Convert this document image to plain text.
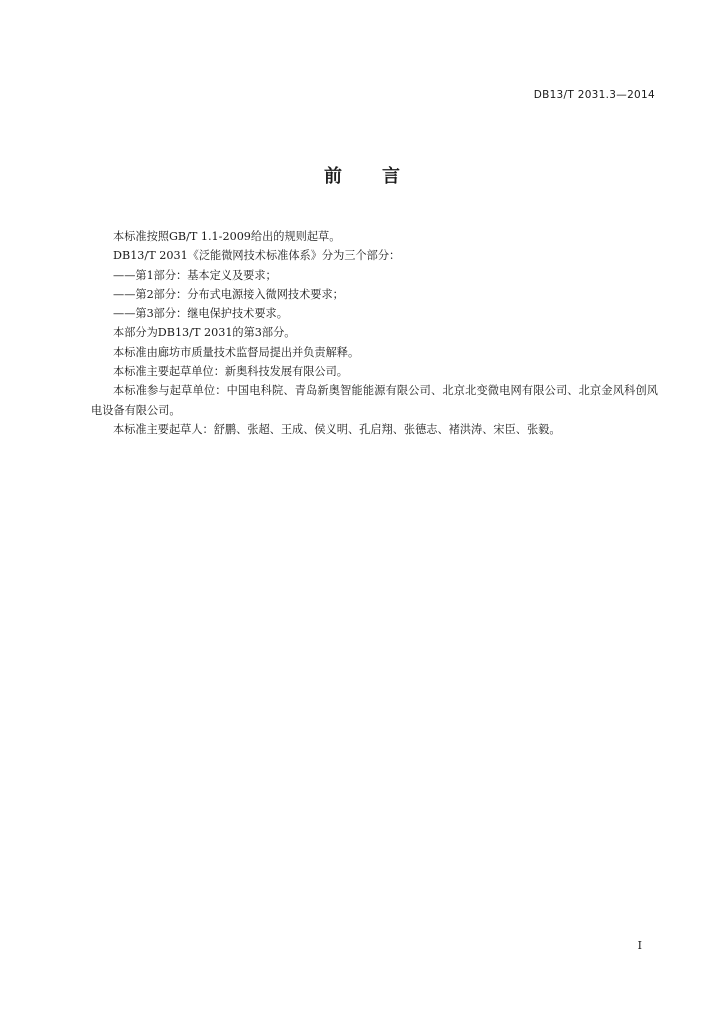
DB13/T 2031.3—2014
前 言

本标准按照GB/T 1.1-2009给出的规则起草。

DB13/T 2031《泛能微网技术标准体系》分为三个部分：

——第1部分：基本定义及要求；

——第2部分：分布式电源接入微网技术要求；

——第3部分：继电保护技术要求。

本部分为DB13/T 2031的第3部分。

本标准由廊坊市质量技术监督局提出并负责解释。

本标准主要起草单位：新奥科技发展有限公司。

本标准参与起草单位：中国电科院、青岛新奥智能能源有限公司、北京北变微电网有限公司、北京金风科创风电设备有限公司。

本标准主要起草人：舒鹏、张超、王成、侯义明、孔启翔、张德志、褚洪涛、宋臣、张毅。

I
